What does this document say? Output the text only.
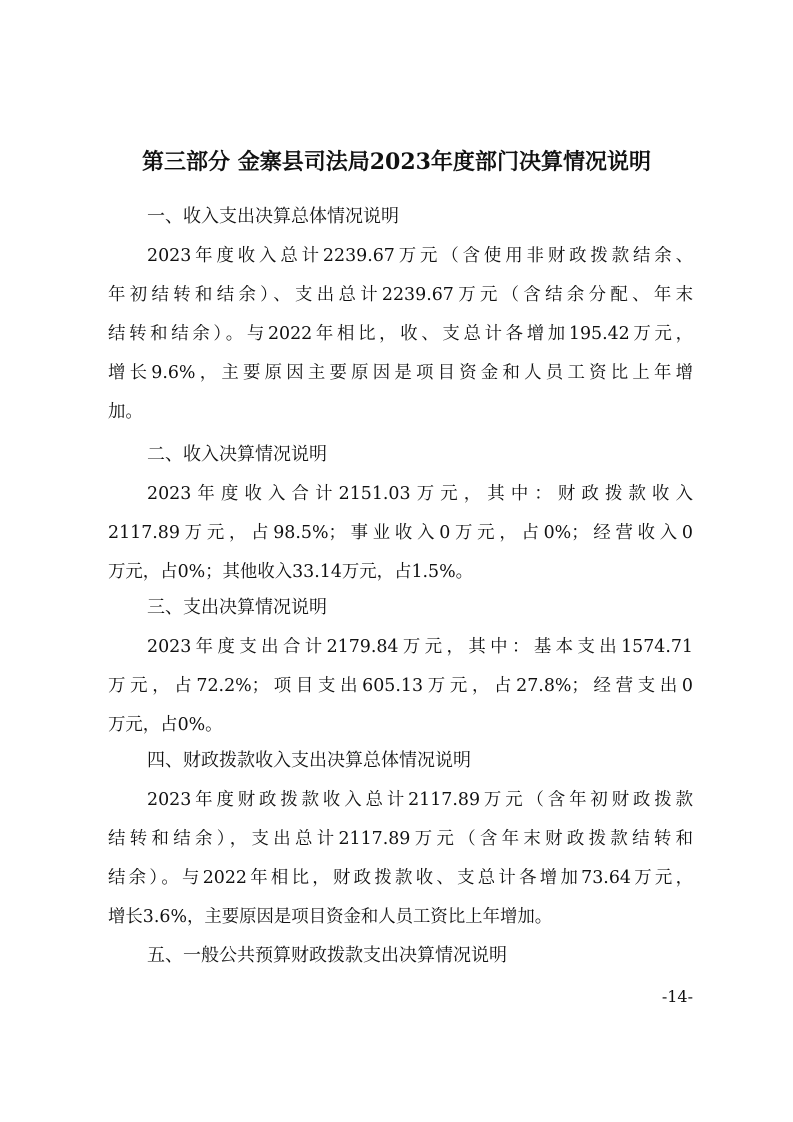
第三部分 金寨县司法局2023年度部门决算情况说明
一、收入支出决算总体情况说明
2023年度收入总计2239.67万元（含使用非财政拨款结余、
年初结转和结余）、支出总计2239.67万元（含结余分配、年末
结转和结余）。与2022年相比，收、支总计各增加195.42万元，
增长9.6%，主要原因主要原因是项目资金和人员工资比上年增
加。
二、收入决算情况说明
2023年度收入合计2151.03万元，其中：财政拨款收入
2117.89万元，占98.5%；事业收入0万元，占0%；经营收入0
万元，占0%；其他收入33.14万元，占1.5%。
三、支出决算情况说明
2023年度支出合计2179.84万元，其中：基本支出1574.71
万元，占72.2%；项目支出605.13万元，占27.8%；经营支出0
万元，占0%。
四、财政拨款收入支出决算总体情况说明
2023年度财政拨款收入总计2117.89万元（含年初财政拨款
结转和结余），支出总计2117.89万元（含年末财政拨款结转和
结余）。与2022年相比，财政拨款收、支总计各增加73.64万元，
增长3.6%，主要原因是项目资金和人员工资比上年增加。
五、一般公共预算财政拨款支出决算情况说明
-14-
